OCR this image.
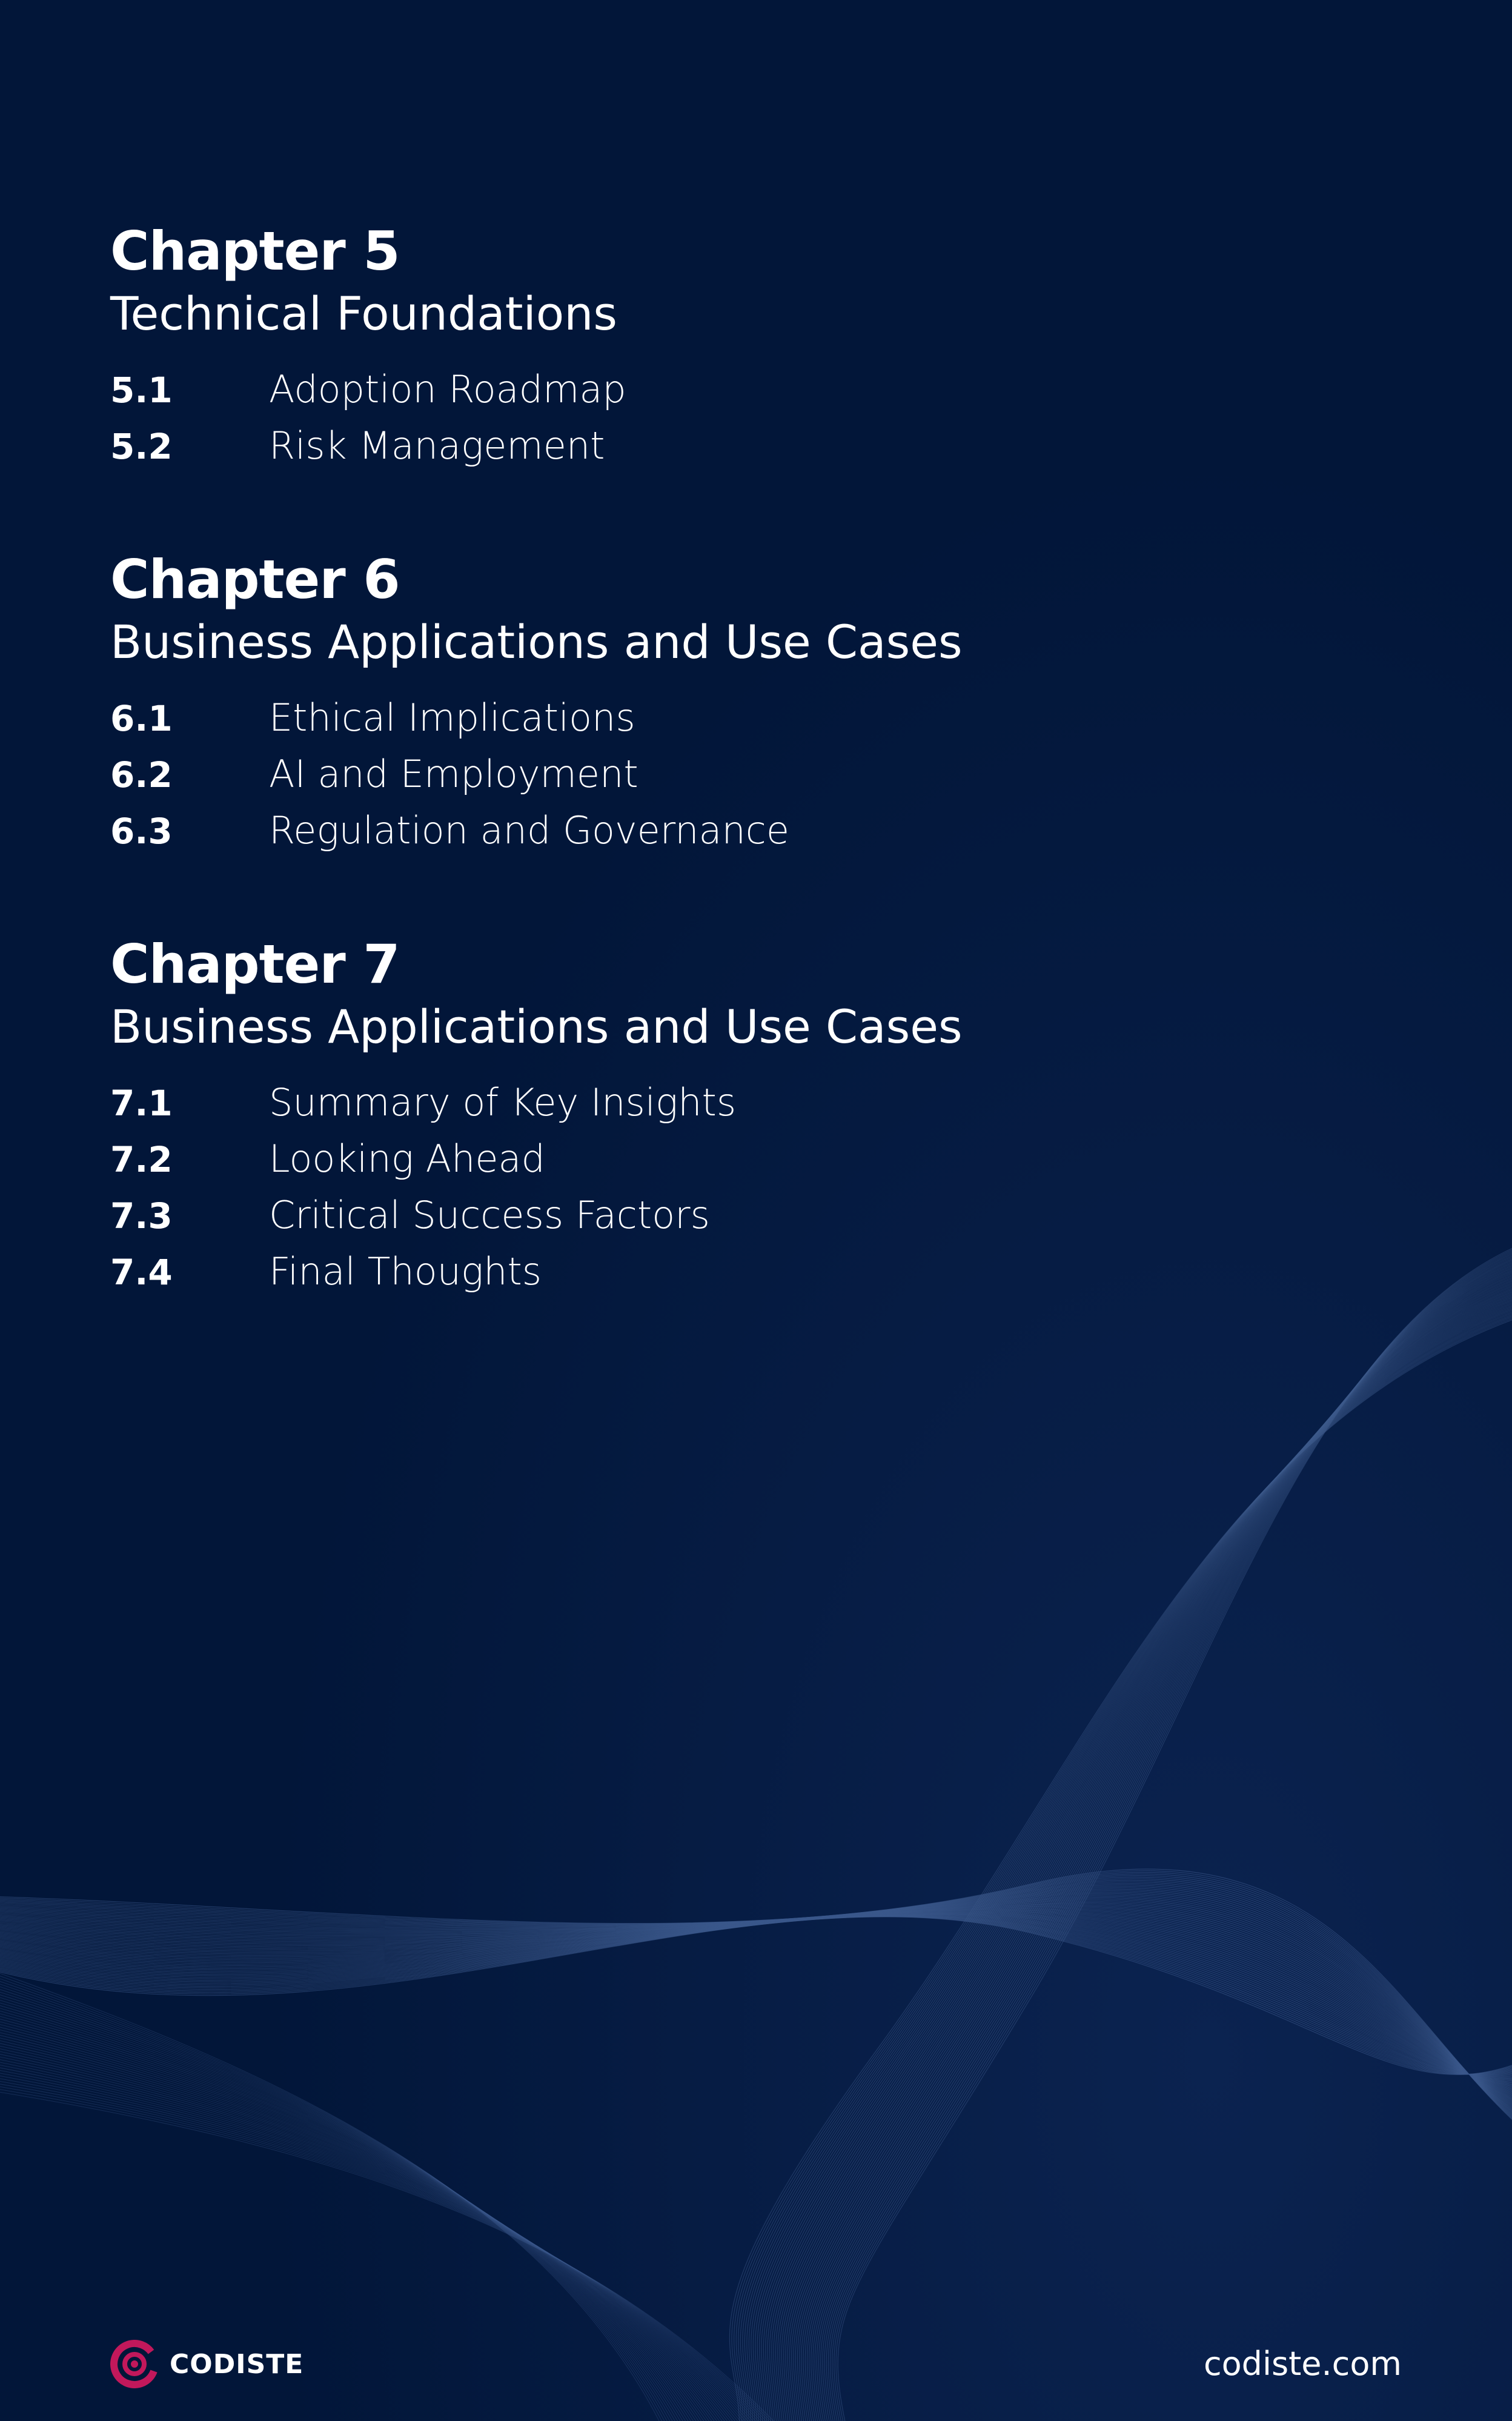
Chapter 5
Technical Foundations
5.1	Adoption Roadmap
5.2	Risk Management
Chapter 6
Business Applications and Use Cases
6.1	Ethical Implications
6.2	AI and Employment
6.3	Regulation and Governance
Chapter 7
Business Applications and Use Cases
7.1	Summary of Key Insights
7.2	Looking Ahead
7.3	Critical Success Factors
7.4	Final Thoughts
CODISTE	codiste.com
